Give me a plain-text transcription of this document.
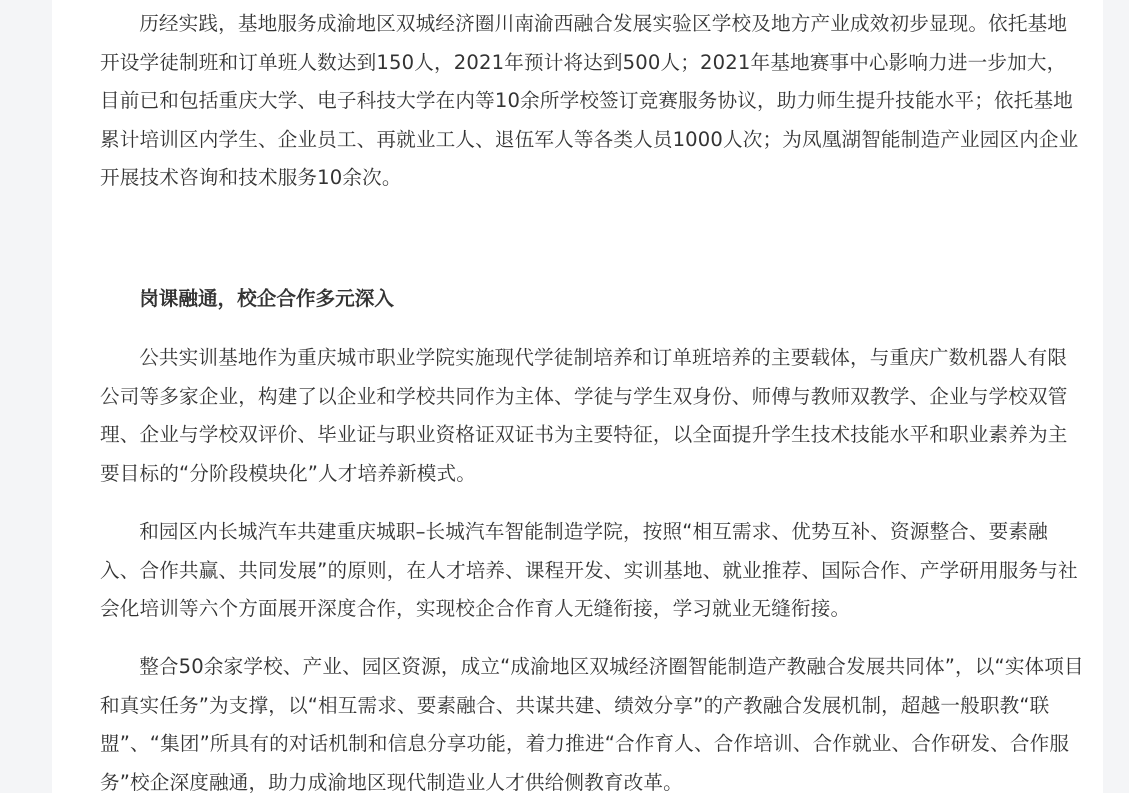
历经实践，基地服务成渝地区双城经济圈川南渝西融合发展实验区学校及地方产业成效初步显现。依托基地开设学徒制班和订单班人数达到150人，2021年预计将达到500人；2021年基地赛事中心影响力进一步加大，目前已和包括重庆大学、电子科技大学在内等10余所学校签订竞赛服务协议，助力师生提升技能水平；依托基地累计培训区内学生、企业员工、再就业工人、退伍军人等各类人员1000人次；为凤凰湖智能制造产业园区内企业开展技术咨询和技术服务10余次。

岗课融通，校企合作多元深入

公共实训基地作为重庆城市职业学院实施现代学徒制培养和订单班培养的主要载体，与重庆广数机器人有限公司等多家企业，构建了以企业和学校共同作为主体、学徒与学生双身份、师傅与教师双教学、企业与学校双管理、企业与学校双评价、毕业证与职业资格证双证书为主要特征，以全面提升学生技术技能水平和职业素养为主要目标的“分阶段模块化”人才培养新模式。

和园区内长城汽车共建重庆城职–长城汽车智能制造学院，按照“相互需求、优势互补、资源整合、要素融入、合作共赢、共同发展”的原则，在人才培养、课程开发、实训基地、就业推荐、国际合作、产学研用服务与社会化培训等六个方面展开深度合作，实现校企合作育人无缝衔接，学习就业无缝衔接。

整合50余家学校、产业、园区资源，成立“成渝地区双城经济圈智能制造产教融合发展共同体”，以“实体项目和真实任务”为支撑，以“相互需求、要素融合、共谋共建、绩效分享”的产教融合发展机制，超越一般职教“联盟”、“集团”所具有的对话机制和信息分享功能，着力推进“合作育人、合作培训、合作就业、合作研发、合作服务”校企深度融通，助力成渝地区现代制造业人才供给侧教育改革。
